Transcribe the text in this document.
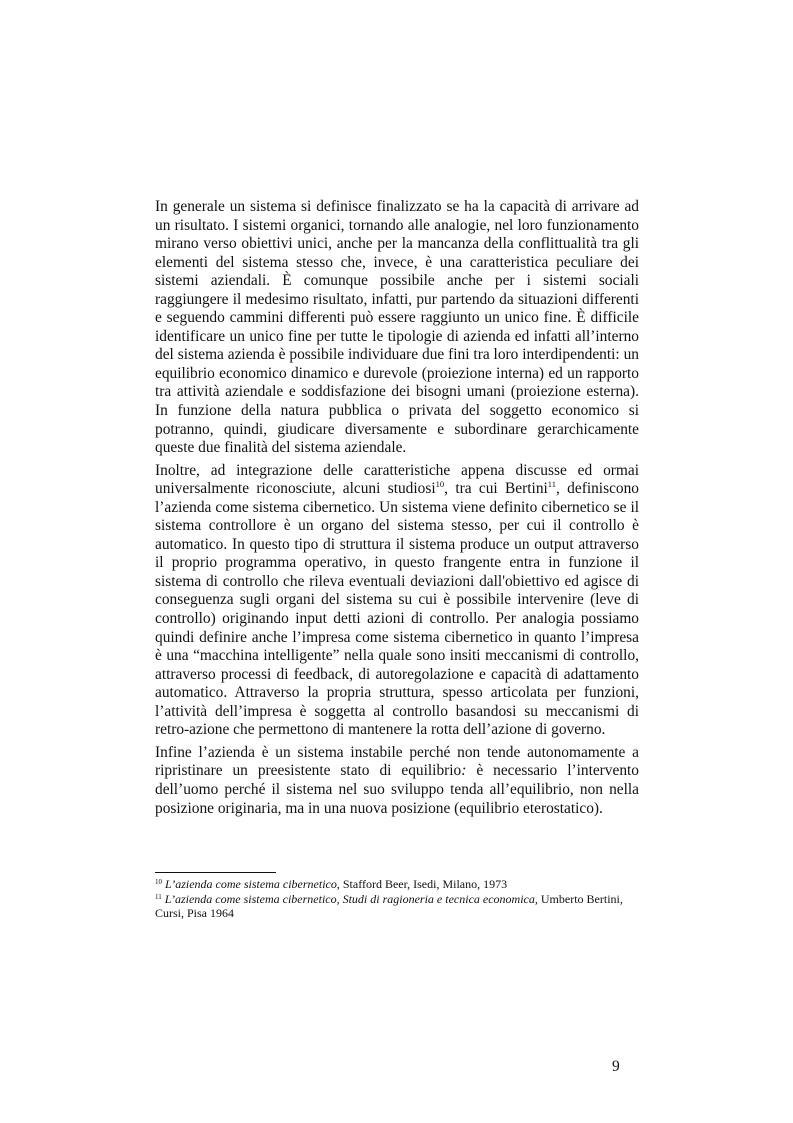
In generale un sistema si definisce finalizzato se ha la capacità di arrivare ad un risultato. I sistemi organici, tornando alle analogie, nel loro funzionamento mirano verso obiettivi unici, anche per la mancanza della conflittualità tra gli elementi del sistema stesso che, invece, è una caratteristica peculiare dei sistemi aziendali. È comunque possibile anche per i sistemi sociali raggiungere il medesimo risultato, infatti, pur partendo da situazioni differenti e seguendo cammini differenti può essere raggiunto un unico fine. È difficile identificare un unico fine per tutte le tipologie di azienda ed infatti all’interno del sistema azienda è possibile individuare due fini tra loro interdipendenti: un equilibrio economico dinamico e durevole (proiezione interna) ed un rapporto tra attività aziendale e soddisfazione dei bisogni umani (proiezione esterna). In funzione della natura pubblica o privata del soggetto economico si potranno, quindi, giudicare diversamente e subordinare gerarchicamente queste due finalità del sistema aziendale.

Inoltre, ad integrazione delle caratteristiche appena discusse ed ormai universalmente riconosciute, alcuni studiosi$^{10}$, tra cui Bertini$^{11}$, definiscono l’azienda come sistema cibernetico. Un sistema viene definito cibernetico se il sistema controllore è un organo del sistema stesso, per cui il controllo è automatico. In questo tipo di struttura il sistema produce un output attraverso il proprio programma operativo, in questo frangente entra in funzione il sistema di controllo che rileva eventuali deviazioni dall'obiettivo ed agisce di conseguenza sugli organi del sistema su cui è possibile intervenire (leve di controllo) originando input detti azioni di controllo. Per analogia possiamo quindi definire anche l’impresa come sistema cibernetico in quanto l’impresa è una “macchina intelligente” nella quale sono insiti meccanismi di controllo, attraverso processi di feedback, di autoregolazione e capacità di adattamento automatico. Attraverso la propria struttura, spesso articolata per funzioni, l’attività dell’impresa è soggetta al controllo basandosi su meccanismi di retro-azione che permettono di mantenere la rotta dell’azione di governo.

Infine l’azienda è un sistema instabile perché non tende autonomamente a ripristinare un preesistente stato di equilibrio: è necessario l’intervento dell’uomo perché il sistema nel suo sviluppo tenda all’equilibrio, non nella posizione originaria, ma in una nuova posizione (equilibrio eterostatico).

$^{10}$ L’azienda come sistema cibernetico, Stafford Beer, Isedi, Milano, 1973

$^{11}$ L’azienda come sistema cibernetico, Studi di ragioneria e tecnica economica, Umberto Bertini, Cursi, Pisa 1964

9
